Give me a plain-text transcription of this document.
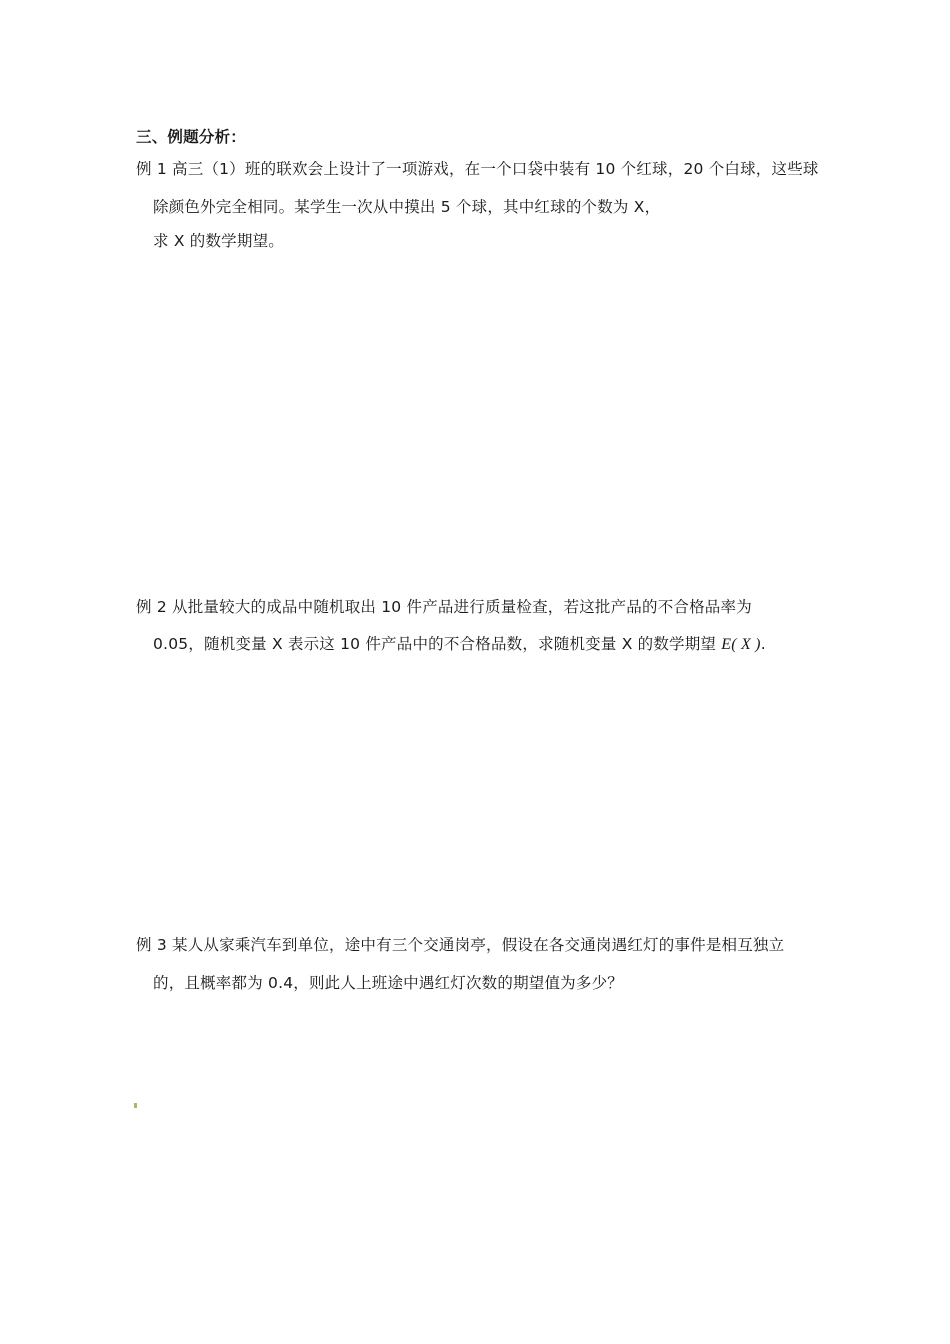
三、例题分析：
例 1 高三（1）班的联欢会上设计了一项游戏，在一个口袋中装有 10 个红球，20 个白球，这些球
除颜色外完全相同。某学生一次从中摸出 5 个球，其中红球的个数为 X，
求 X 的数学期望。
例 2 从批量较大的成品中随机取出 10 件产品进行质量检查，若这批产品的不合格品率为
0.05，随机变量 X 表示这 10 件产品中的不合格品数，求随机变量 X 的数学期望 E( X ).
例 3 某人从家乘汽车到单位，途中有三个交通岗亭，假设在各交通岗遇红灯的事件是相互独立
的，且概率都为 0.4，则此人上班途中遇红灯次数的期望值为多少？
